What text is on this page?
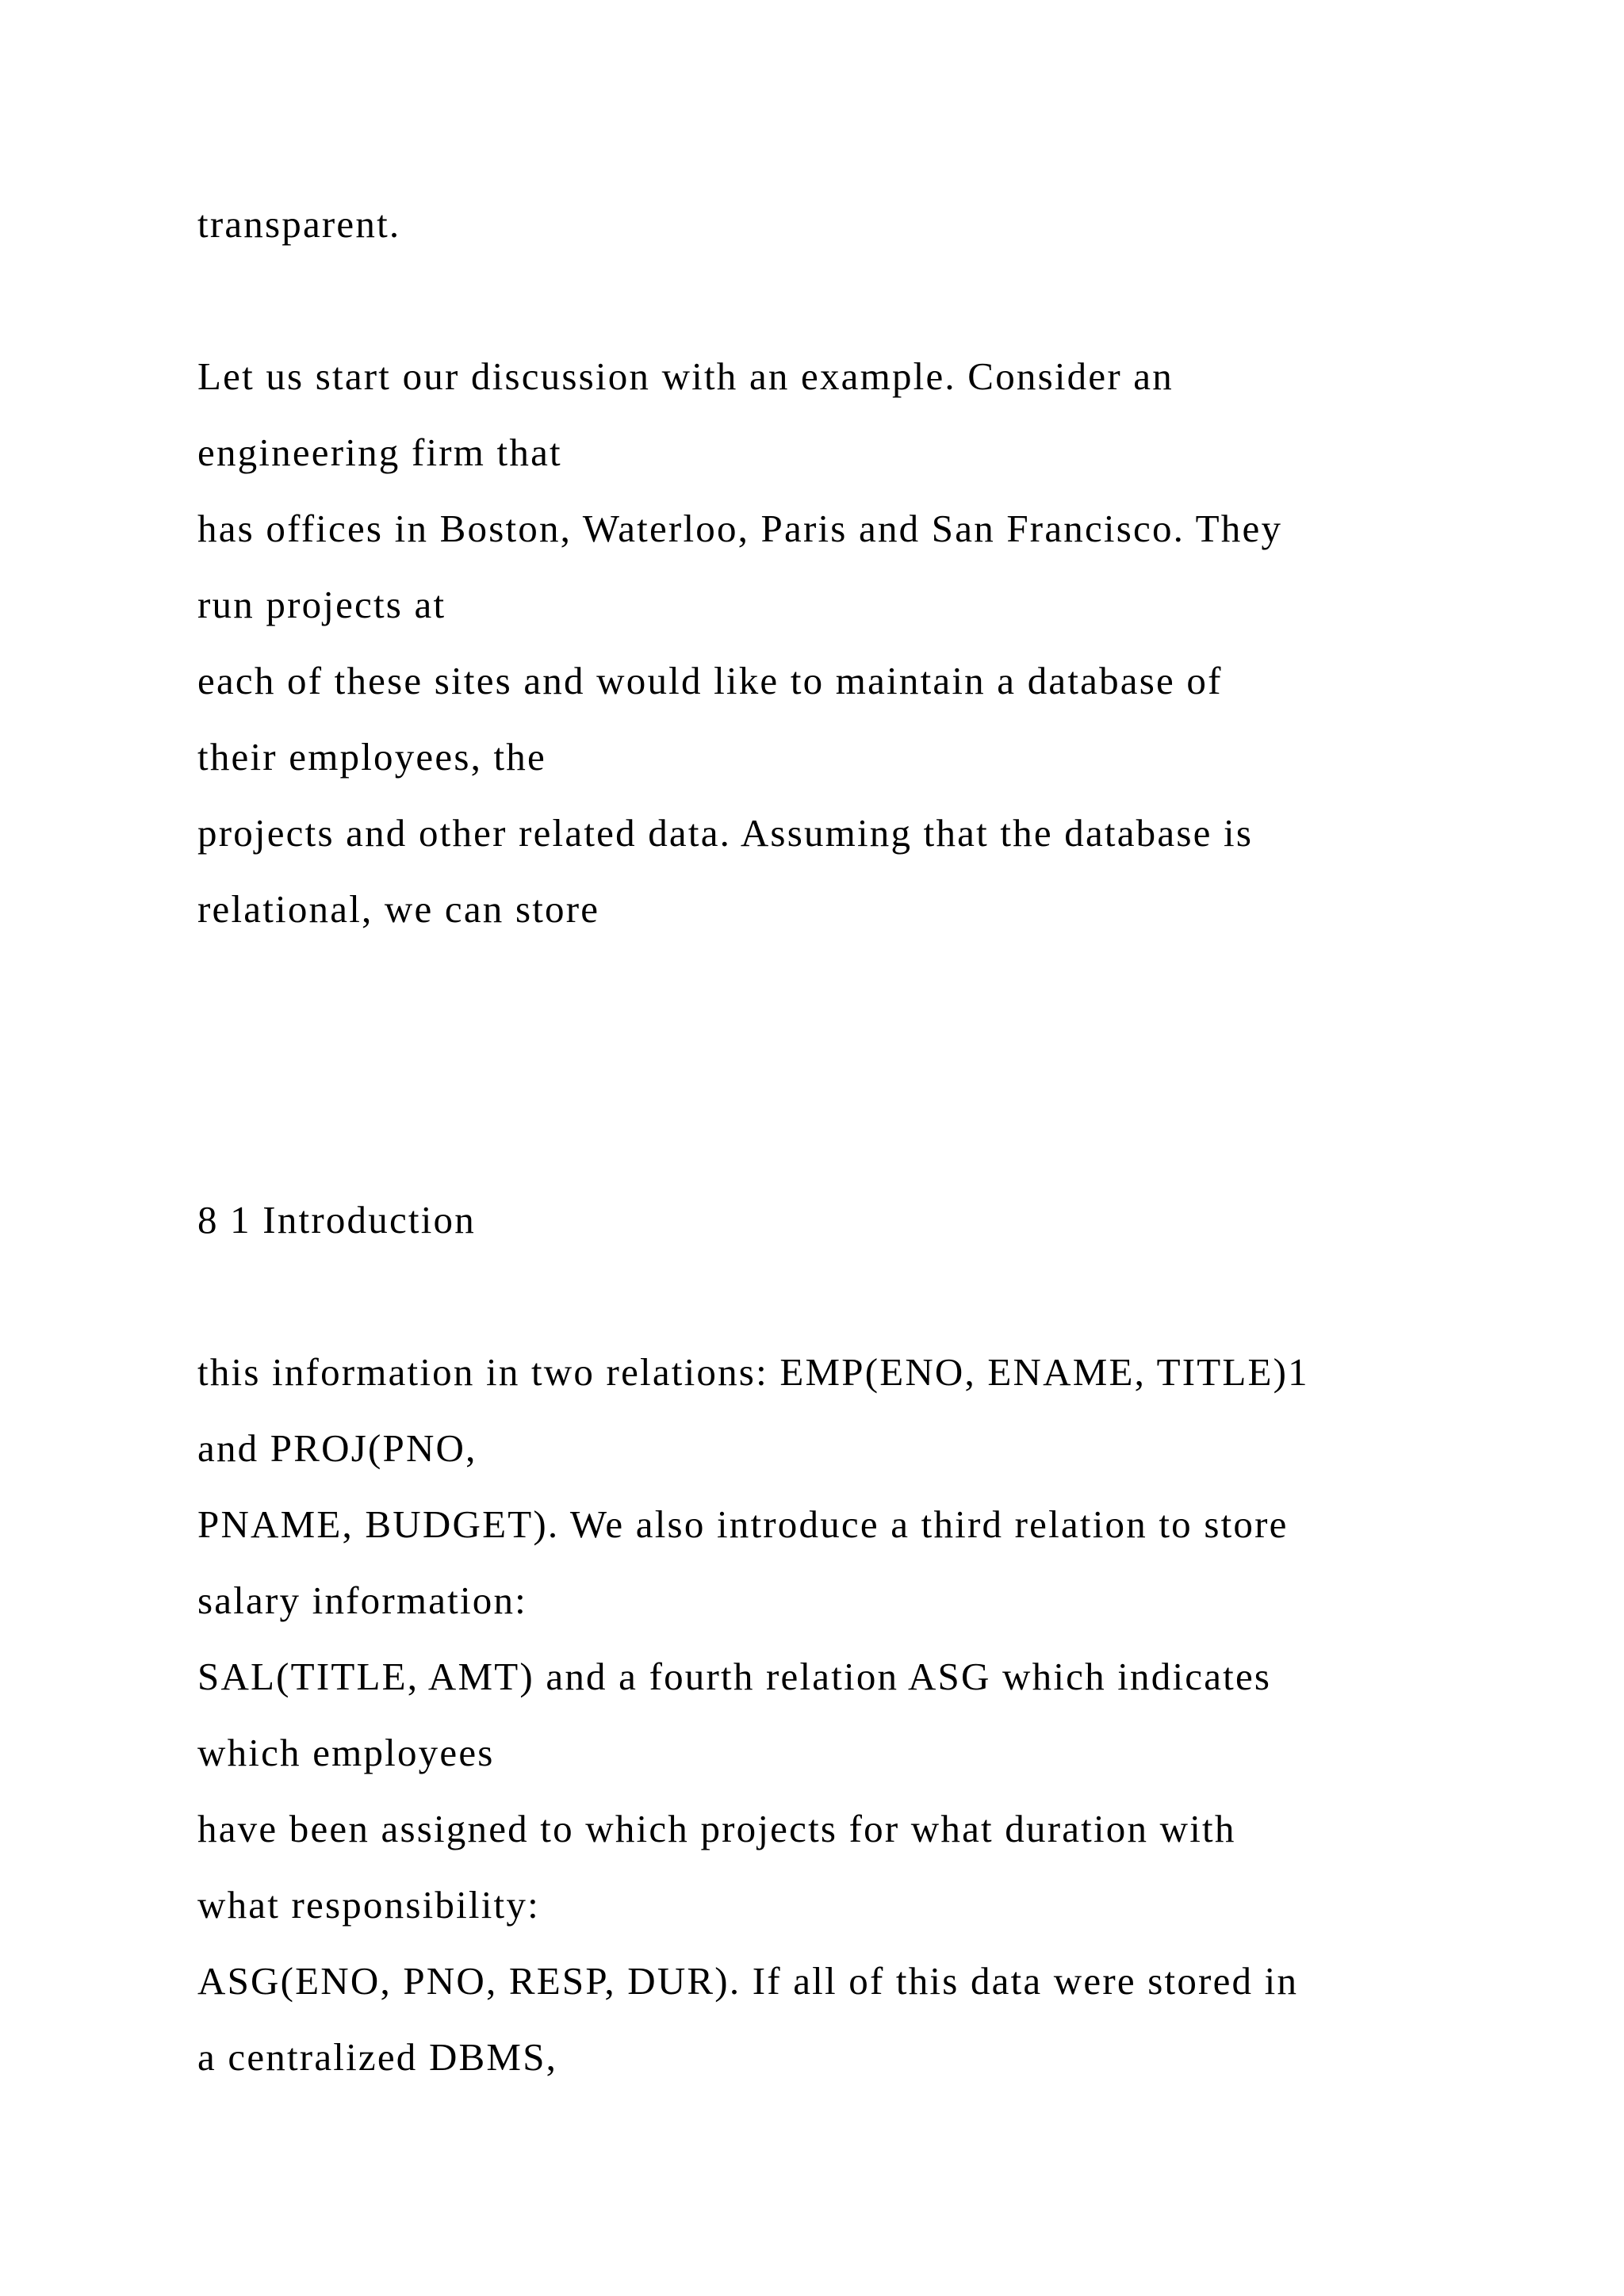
transparent.
Let us start our discussion with an example. Consider an
engineering firm that
has offices in Boston, Waterloo, Paris and San Francisco. They
run projects at
each of these sites and would like to maintain a database of
their employees, the
projects and other related data. Assuming that the database is
relational, we can store
8 1 Introduction
this information in two relations: EMP(ENO, ENAME, TITLE)1
and PROJ(PNO,
PNAME, BUDGET). We also introduce a third relation to store
salary information:
SAL(TITLE, AMT) and a fourth relation ASG which indicates
which employees
have been assigned to which projects for what duration with
what responsibility:
ASG(ENO, PNO, RESP, DUR). If all of this data were stored in
a centralized DBMS,
